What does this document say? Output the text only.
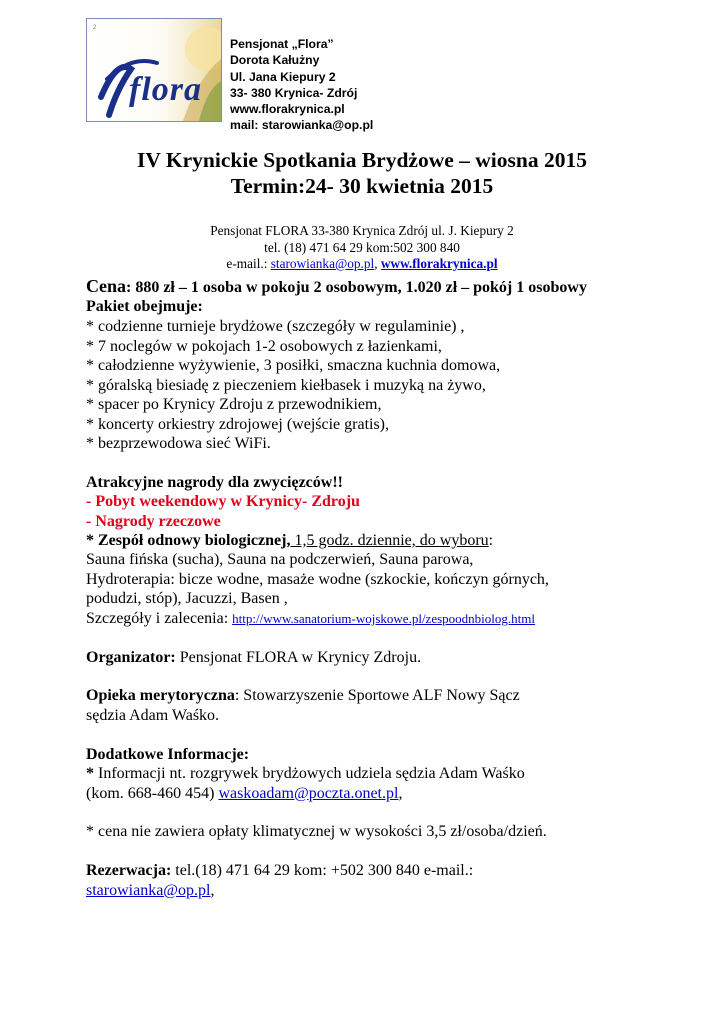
2
flora
Pensjonat „Flora”
Dorota Kałużny
Ul. Jana Kiepury 2
33- 380 Krynica- Zdrój
www.florakrynica.pl
mail: starowianka@op.pl
IV Krynickie Spotkania Brydżowe – wiosna 2015
Termin:24- 30 kwietnia 2015
Pensjonat FLORA 33-380 Krynica Zdrój ul. J. Kiepury 2
tel. (18) 471 64 29 kom:502 300 840
e-mail.: starowianka@op.pl, www.florakrynica.pl
Cena: 880 zł – 1 osoba w pokoju 2 osobowym, 1.020 zł – pokój 1 osobowy
Pakiet obejmuje:
* codzienne turnieje brydżowe (szczegóły w regulaminie) ,
* 7 noclegów w pokojach 1-2 osobowych z łazienkami,
* całodzienne wyżywienie, 3 posiłki, smaczna kuchnia domowa,
* góralską biesiadę z pieczeniem kiełbasek i muzyką na żywo,
* spacer po Krynicy Zdroju z przewodnikiem,
* koncerty orkiestry zdrojowej (wejście gratis),
* bezprzewodowa sieć WiFi.
Atrakcyjne nagrody dla zwycięzców!!
- Pobyt weekendowy w Krynicy- Zdroju
- Nagrody rzeczowe
* Zespół odnowy biologicznej, 1,5 godz. dziennie, do wyboru:
Sauna fińska (sucha), Sauna na podczerwień, Sauna parowa,
Hydroterapia: bicze wodne, masaże wodne (szkockie, kończyn górnych,
podudzi, stóp), Jacuzzi, Basen ,
Szczegóły i zalecenia: http://www.sanatorium-wojskowe.pl/zespoodnbiolog.html
Organizator: Pensjonat FLORA w Krynicy Zdroju.
Opieka merytoryczna: Stowarzyszenie Sportowe ALF Nowy Sącz
sędzia Adam Waśko.
Dodatkowe Informacje:
* Informacji nt. rozgrywek brydżowych udziela sędzia Adam Waśko
(kom. 668-460 454) waskoadam@poczta.onet.pl,
* cena nie zawiera opłaty klimatycznej w wysokości 3,5 zł/osoba/dzień.
Rezerwacja: tel.(18) 471 64 29 kom: +502 300 840 e-mail.:
starowianka@op.pl,
